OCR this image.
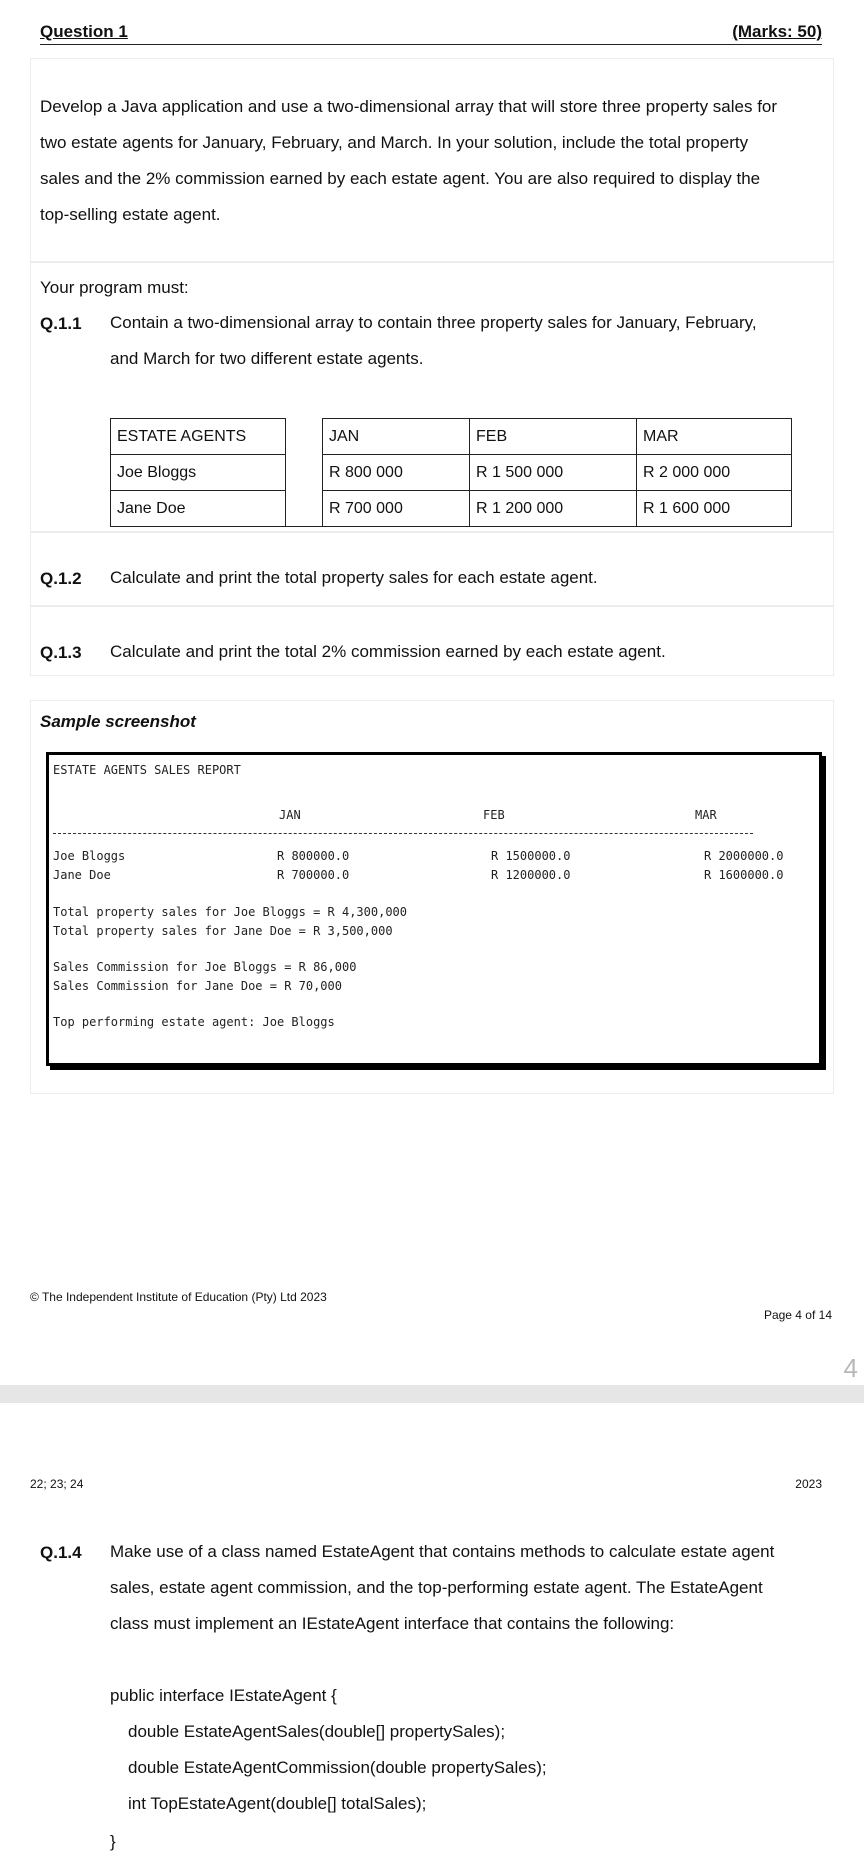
Question 1	(Marks: 50)
Develop a Java application and use a two-dimensional array that will store three property sales for
two estate agents for January, February, and March. In your solution, include the total property
sales and the 2% commission earned by each estate agent. You are also required to display the
top-selling estate agent.
Your program must:
Q.1.1 Contain a two-dimensional array to contain three property sales for January, February,
and March for two different estate agents.
ESTATE AGENTS		JAN	FEB	MAR
Joe Bloggs		R 800 000	R 1 500 000	R 2 000 000
Jane Doe		R 700 000	R 1 200 000	R 1 600 000
Q.1.2 Calculate and print the total property sales for each estate agent.
Q.1.3 Calculate and print the total 2% commission earned by each estate agent.
Sample screenshot
ESTATE AGENTS SALES REPORT
JAN	FEB	MAR
Joe Bloggs	R 800000.0	R 1500000.0	R 2000000.0
Jane Doe	R 700000.0	R 1200000.0	R 1600000.0
Total property sales for Joe Bloggs = R 4,300,000
Total property sales for Jane Doe = R 3,500,000
Sales Commission for Joe Bloggs = R 86,000
Sales Commission for Jane Doe = R 70,000
Top performing estate agent: Joe Bloggs
© The Independent Institute of Education (Pty) Ltd 2023
Page 4 of 14
4
22; 23; 24	2023
Q.1.4 Make use of a class named EstateAgent that contains methods to calculate estate agent
sales, estate agent commission, and the top-performing estate agent. The EstateAgent
class must implement an IEstateAgent interface that contains the following:
public interface IEstateAgent {
double EstateAgentSales(double[] propertySales);
double EstateAgentCommission(double propertySales);
int TopEstateAgent(double[] totalSales);
}
